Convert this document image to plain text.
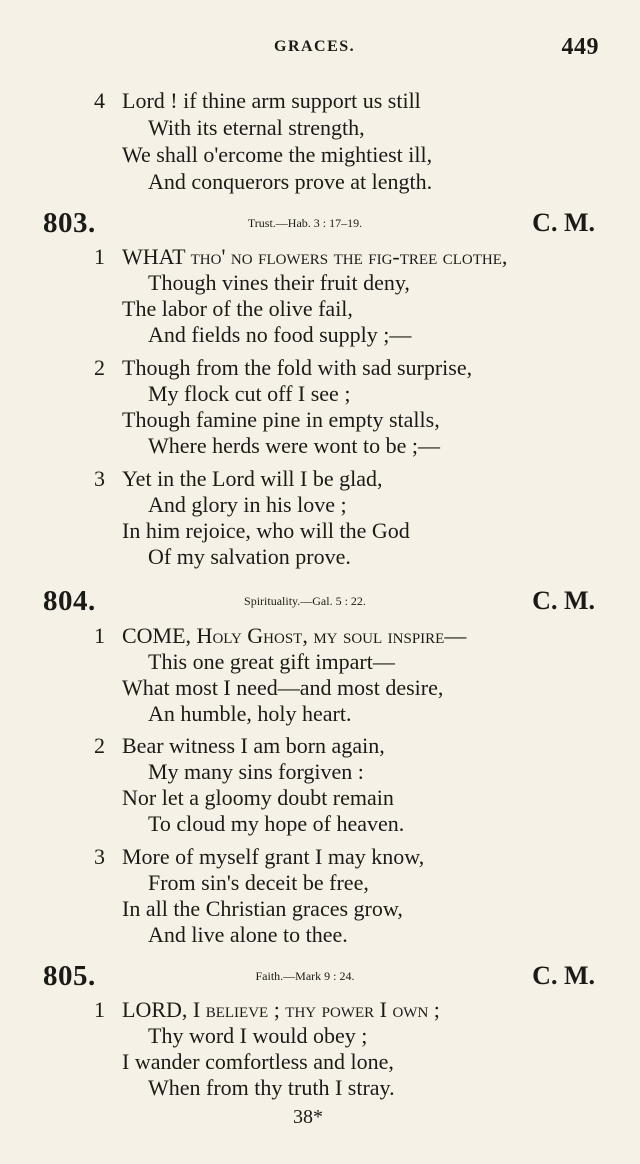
GRACES.	449
4 Lord ! if thine arm support us still
With its eternal strength,
We shall o'ercome the mightiest ill,
And conquerors prove at length.
803.	Trust.—Hab. 3 : 17–19.	C. M.
1 WHAT tho' no flowers the fig-tree clothe,
Though vines their fruit deny,
The labor of the olive fail,
And fields no food supply ;—
2 Though from the fold with sad surprise,
My flock cut off I see ;
Though famine pine in empty stalls,
Where herds were wont to be ;—
3 Yet in the Lord will I be glad,
And glory in his love ;
In him rejoice, who will the God
Of my salvation prove.
804.	Spirituality.—Gal. 5 : 22.	C. M.
1 COME, Holy Ghost, my soul inspire—
This one great gift impart—
What most I need—and most desire,
An humble, holy heart.
2 Bear witness I am born again,
My many sins forgiven :
Nor let a gloomy doubt remain
To cloud my hope of heaven.
3 More of myself grant I may know,
From sin's deceit be free,
In all the Christian graces grow,
And live alone to thee.
805.	Faith.—Mark 9 : 24.	C. M.
1 LORD, I believe ; thy power I own ;
Thy word I would obey ;
I wander comfortless and lone,
When from thy truth I stray.
38*
